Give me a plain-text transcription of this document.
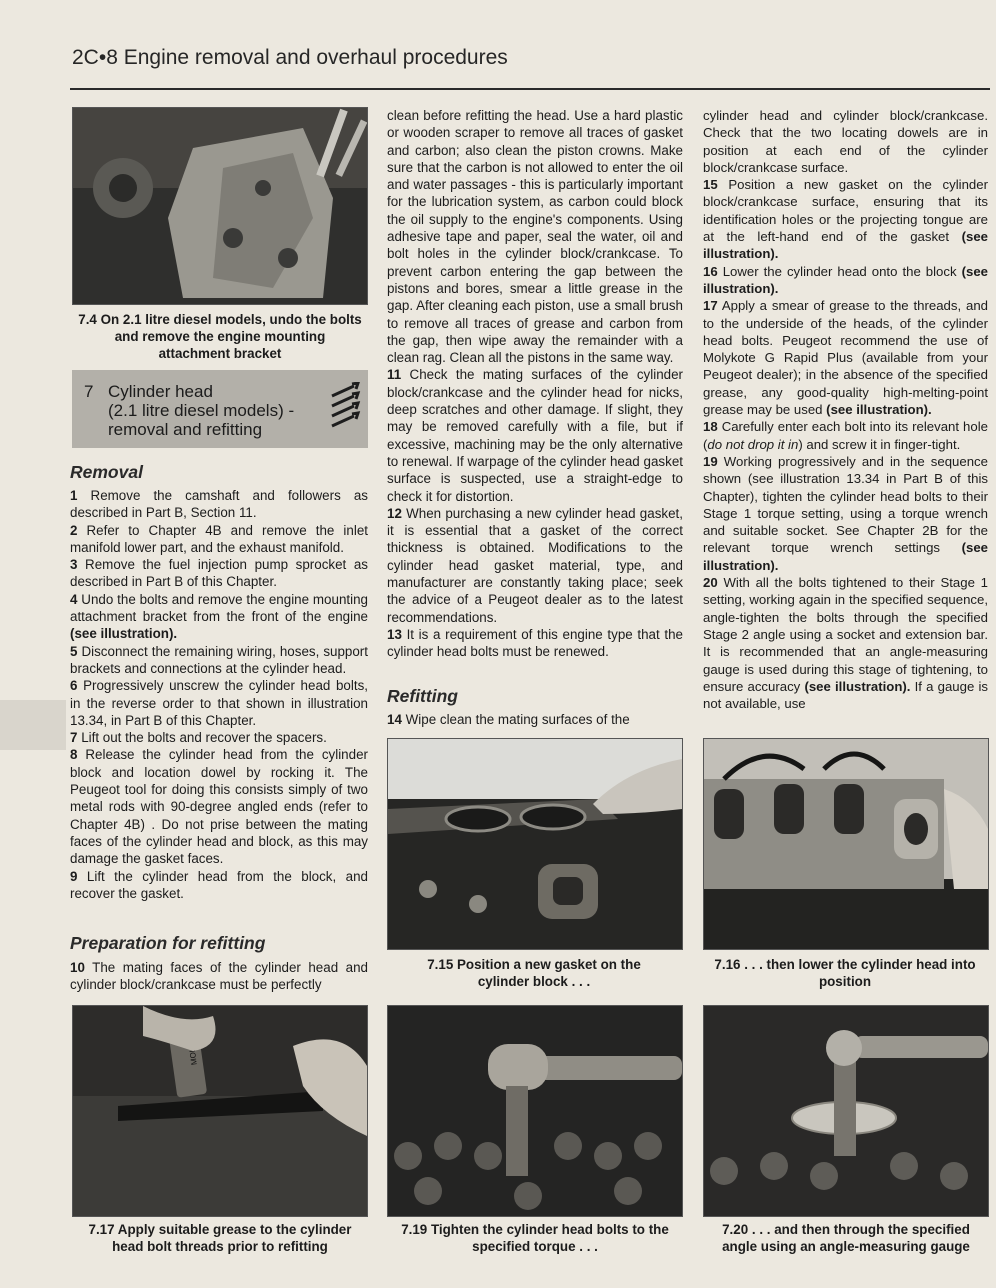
2C•8 Engine removal and overhaul procedures
7.4 On 2.1 litre diesel models, undo the bolts and remove the engine mounting attachment bracket
7 Cylinder head
(2.1 litre diesel models) -
removal and refitting
Removal

1 Remove the camshaft and followers as described in Part B, Section 11.

2 Refer to Chapter 4B and remove the inlet manifold lower part, and the exhaust manifold.

3 Remove the fuel injection pump sprocket as described in Part B of this Chapter.

4 Undo the bolts and remove the engine mounting attachment bracket from the front of the engine (see illustration).

5 Disconnect the remaining wiring, hoses, support brackets and connections at the cylinder head.

6 Progressively unscrew the cylinder head bolts, in the reverse order to that shown in illustration 13.34, in Part B of this Chapter.

7 Lift out the bolts and recover the spacers.

8 Release the cylinder head from the cylinder block and location dowel by rocking it. The Peugeot tool for doing this consists simply of two metal rods with 90-degree angled ends (refer to Chapter 4B) . Do not prise between the mating faces of the cylinder head and block, as this may damage the gasket faces.

9 Lift the cylinder head from the block, and recover the gasket.

Preparation for refitting

10 The mating faces of the cylinder head and cylinder block/crankcase must be perfectly

clean before refitting the head. Use a hard plastic or wooden scraper to remove all traces of gasket and carbon; also clean the piston crowns. Make sure that the carbon is not allowed to enter the oil and water passages - this is particularly important for the lubrication system, as carbon could block the oil supply to the engine's components. Using adhesive tape and paper, seal the water, oil and bolt holes in the cylinder block/crankcase. To prevent carbon entering the gap between the pistons and bores, smear a little grease in the gap. After cleaning each piston, use a small brush to remove all traces of grease and carbon from the gap, then wipe away the remainder with a clean rag. Clean all the pistons in the same way.

11 Check the mating surfaces of the cylinder block/crankcase and the cylinder head for nicks, deep scratches and other damage. If slight, they may be removed carefully with a file, but if excessive, machining may be the only alternative to renewal. If warpage of the cylinder head gasket surface is suspected, use a straight-edge to check it for distortion.

12 When purchasing a new cylinder head gasket, it is essential that a gasket of the correct thickness is obtained. Modifications to the cylinder head gasket material, type, and manufacturer are constantly taking place; seek the advice of a Peugeot dealer as to the latest recommendations.

13 It is a requirement of this engine type that the cylinder head bolts must be renewed.

Refitting

14 Wipe clean the mating surfaces of the

cylinder head and cylinder block/crankcase. Check that the two locating dowels are in position at each end of the cylinder block/crankcase surface.

15 Position a new gasket on the cylinder block/crankcase surface, ensuring that its identification holes or the projecting tongue are at the left-hand end of the gasket (see illustration).

16 Lower the cylinder head onto the block (see illustration).

17 Apply a smear of grease to the threads, and to the underside of the heads, of the cylinder head bolts. Peugeot recommend the use of Molykote G Rapid Plus (available from your Peugeot dealer); in the absence of the specified grease, any good-quality high-melting-point grease may be used (see illustration).

18 Carefully enter each bolt into its relevant hole (do not drop it in) and screw it in finger-tight.

19 Working progressively and in the sequence shown (see illustration 13.34 in Part B of this Chapter), tighten the cylinder head bolts to their Stage 1 torque setting, using a torque wrench and suitable socket. See Chapter 2B for the relevant torque wrench settings (see illustration).

20 With all the bolts tightened to their Stage 1 setting, working again in the specified sequence, angle-tighten the bolts through the specified Stage 2 angle using a socket and extension bar. It is recommended that an angle-measuring gauge is used during this stage of tightening, to ensure accuracy (see illustration). If a gauge is not available, use

7.15 Position a new gasket on the cylinder block . . .
7.16 . . . then lower the cylinder head into position
7.17 Apply suitable grease to the cylinder head bolt threads prior to refitting
7.19 Tighten the cylinder head bolts to the specified torque . . .
7.20 . . . and then through the specified angle using an angle-measuring gauge
